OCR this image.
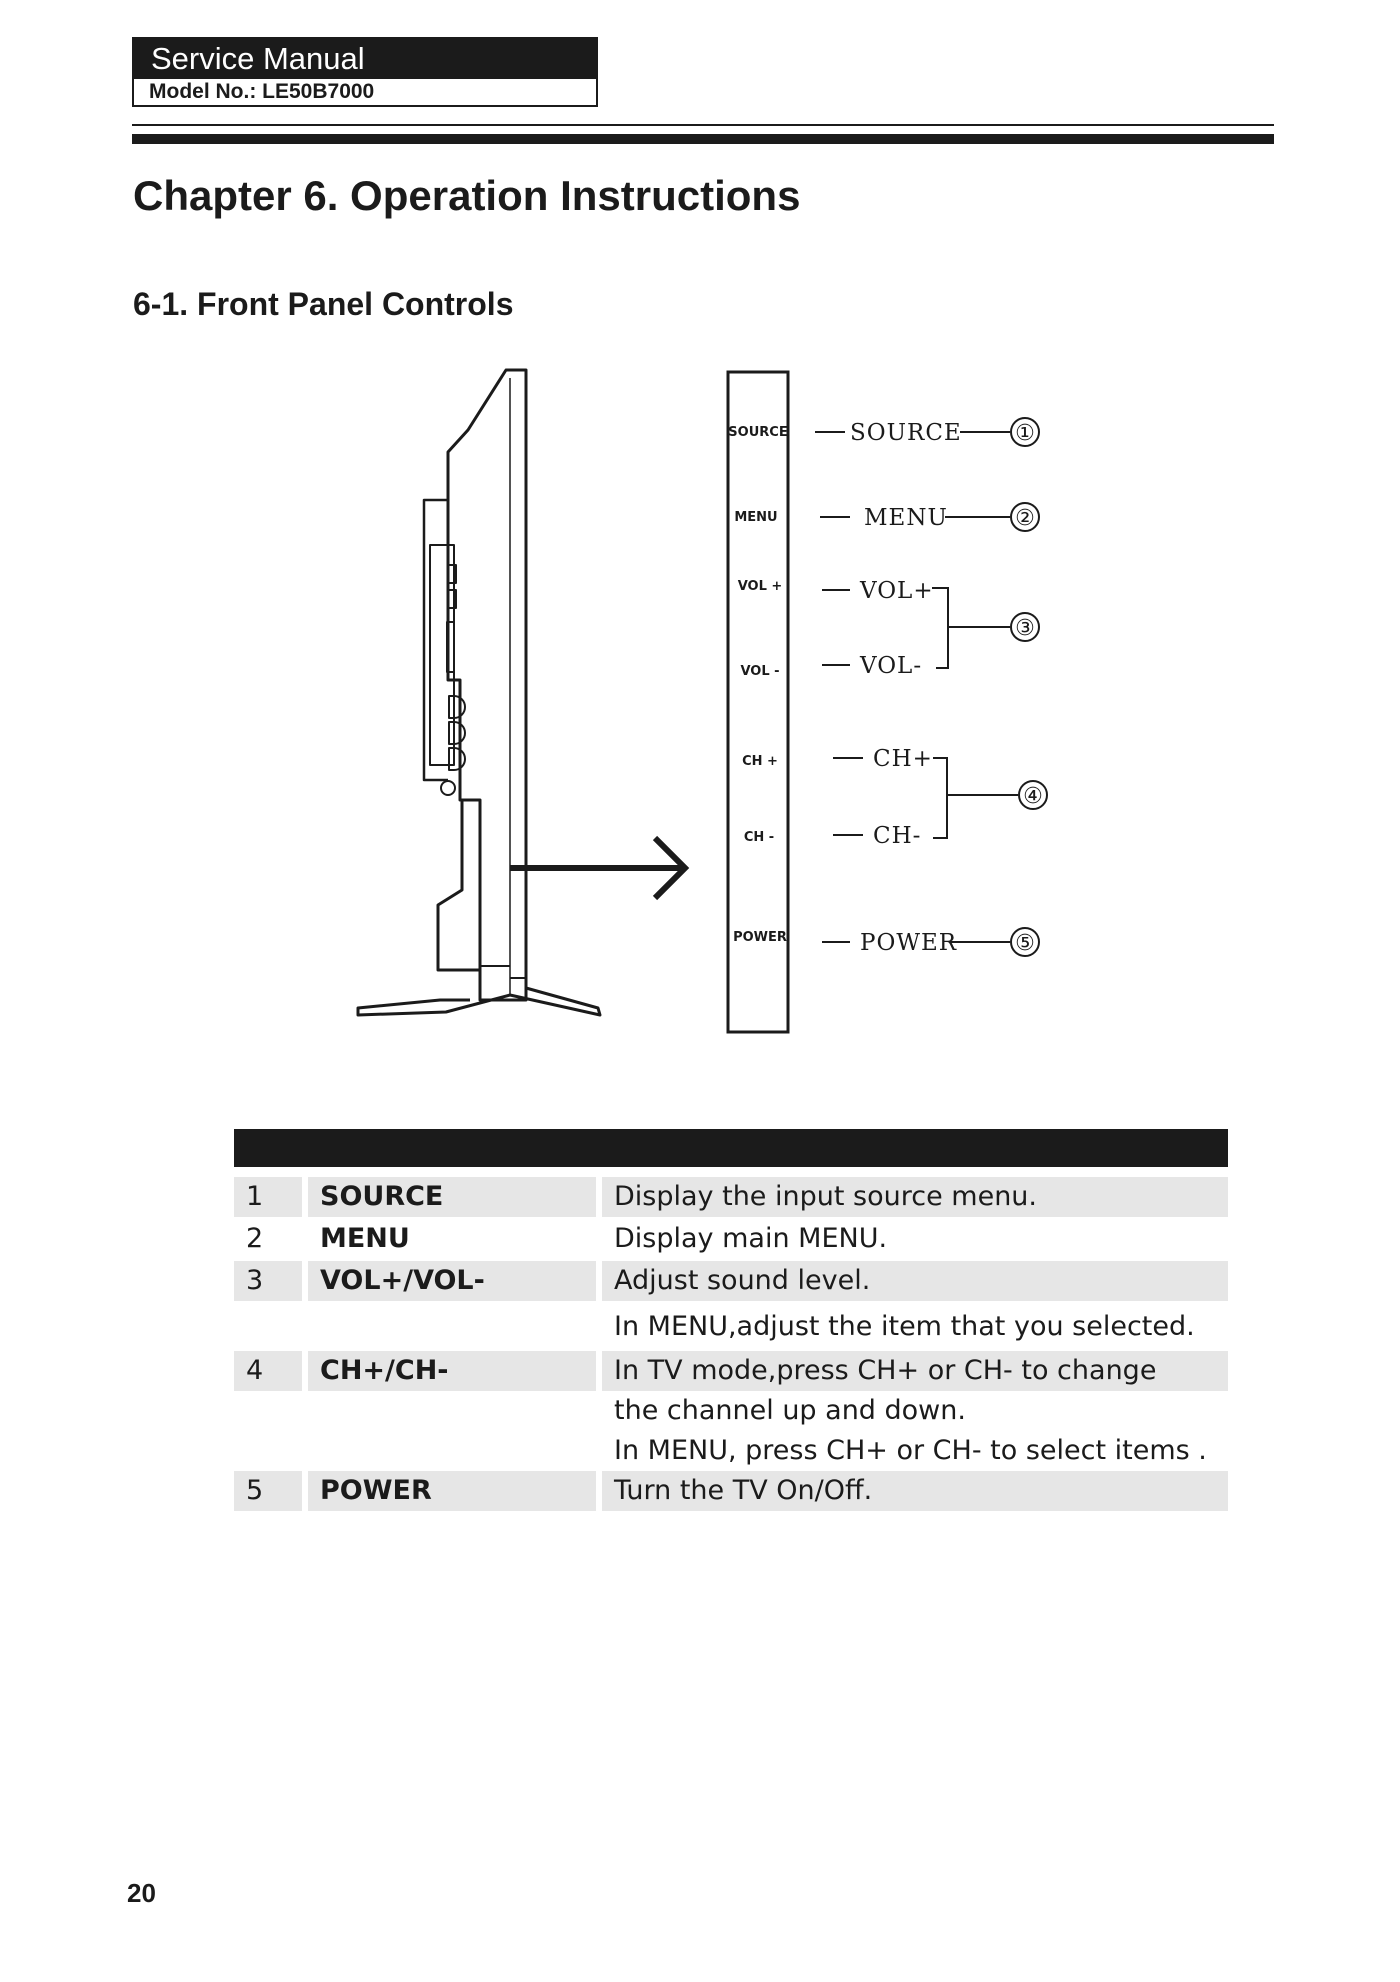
Service Manual
Model No.: LE50B7000
Chapter 6. Operation Instructions
6-1. Front Panel Controls
SOURCE
MENU
VOL +
VOL -
CH +
CH -
POWER
SOURCE
MENU
VOL+
VOL-
CH+
CH-
POWER
①
②
③
④
⑤
1	SOURCE	Display the input source menu.
2	MENU	Display main MENU.
3	VOL+/VOL-	Adjust sound level.
In MENU,adjust the item that you selected.
4	CH+/CH-	In TV mode,press CH+ or CH- to change
the channel up and down.
In MENU, press CH+ or CH- to select items .
5	POWER	Turn the TV On/Off.
20
